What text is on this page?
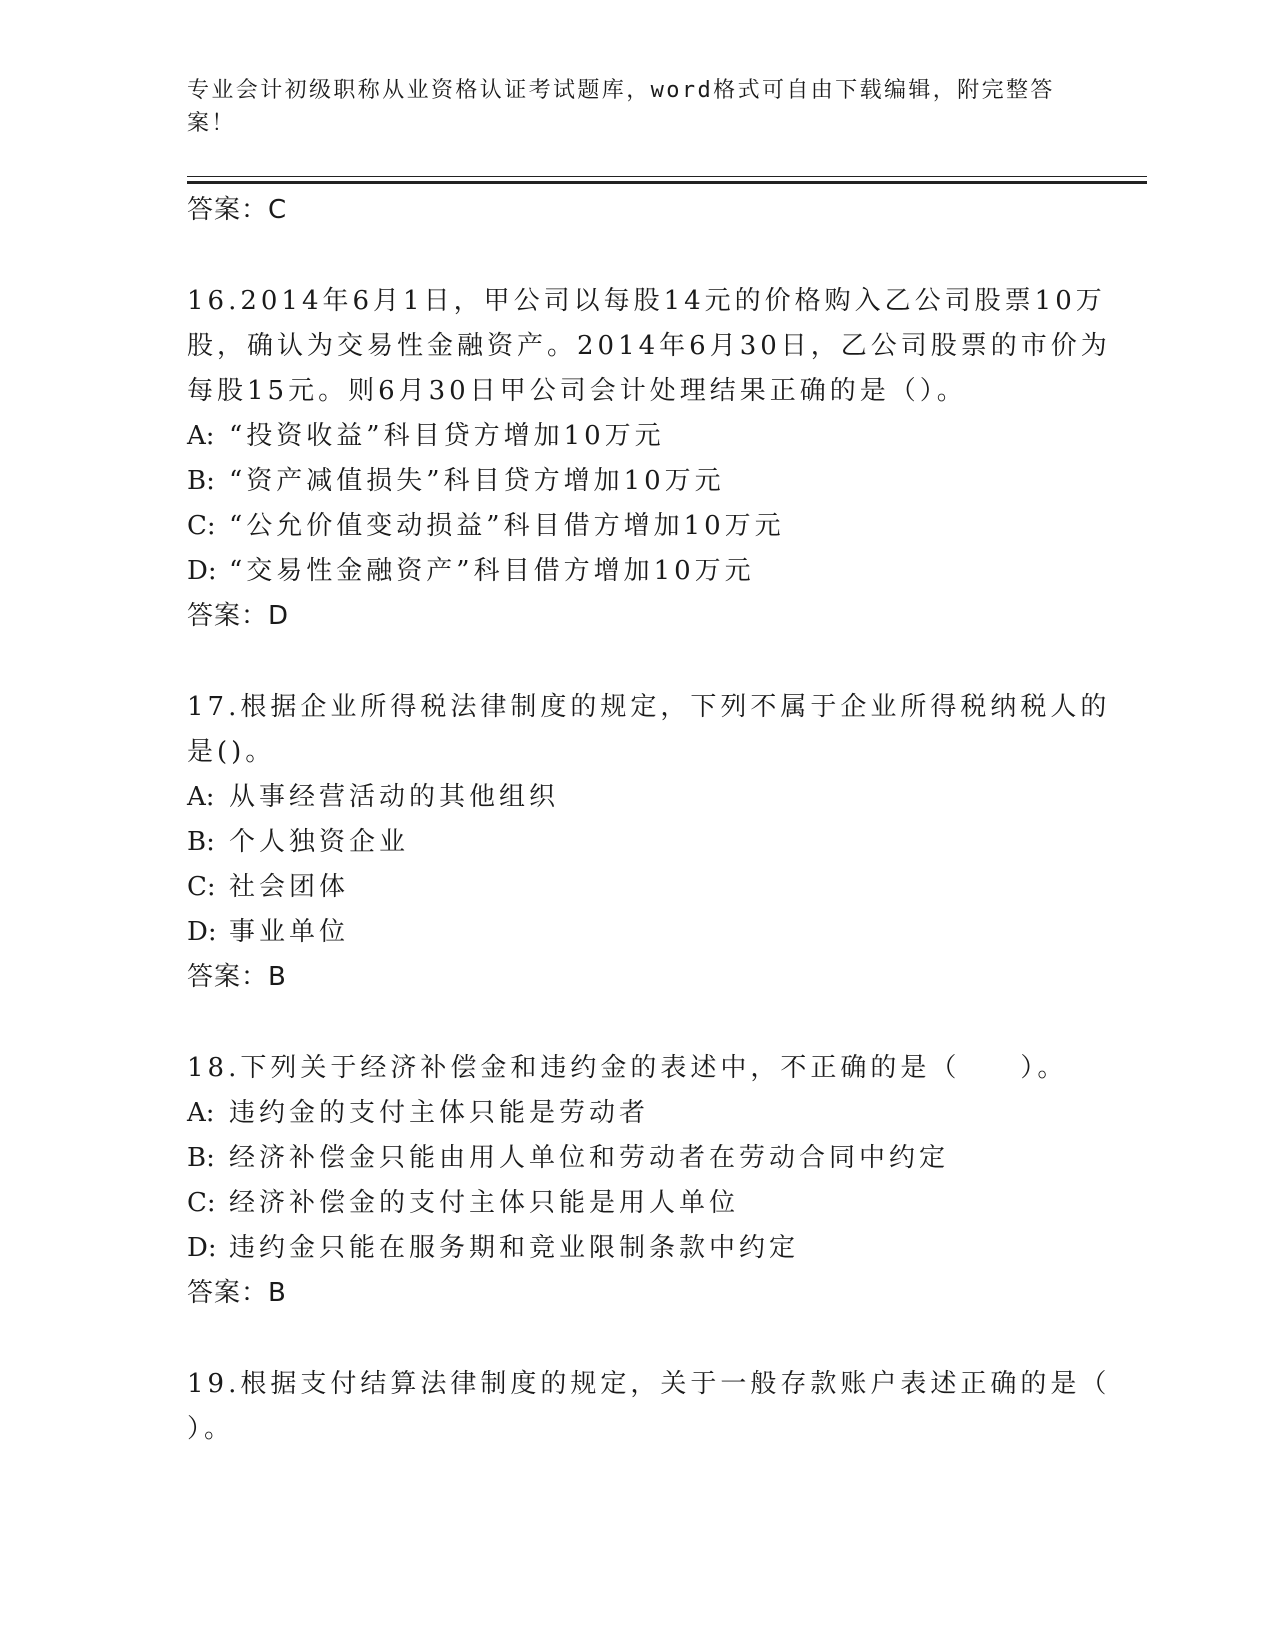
专业会计初级职称从业资格认证考试题库，word格式可自由下载编辑，附完整答
案！
答案：C
16.2014年6月1日，甲公司以每股14元的价格购入乙公司股票10万
股，确认为交易性金融资产。2014年6月30日，乙公司股票的市价为
每股15元。则6月30日甲公司会计处理结果正确的是（）。
A: “投资收益”科目贷方增加10万元
B: “资产减值损失”科目贷方增加10万元
C: “公允价值变动损益”科目借方增加10万元
D: “交易性金融资产”科目借方增加10万元
答案：D
17.根据企业所得税法律制度的规定，下列不属于企业所得税纳税人的
是()。
A: 从事经营活动的其他组织
B: 个人独资企业
C: 社会团体
D: 事业单位
答案：B
18.下列关于经济补偿金和违约金的表述中，不正确的是（　　）。
A: 违约金的支付主体只能是劳动者
B: 经济补偿金只能由用人单位和劳动者在劳动合同中约定
C: 经济补偿金的支付主体只能是用人单位
D: 违约金只能在服务期和竞业限制条款中约定
答案：B
19.根据支付结算法律制度的规定，关于一般存款账户表述正确的是（
）。
